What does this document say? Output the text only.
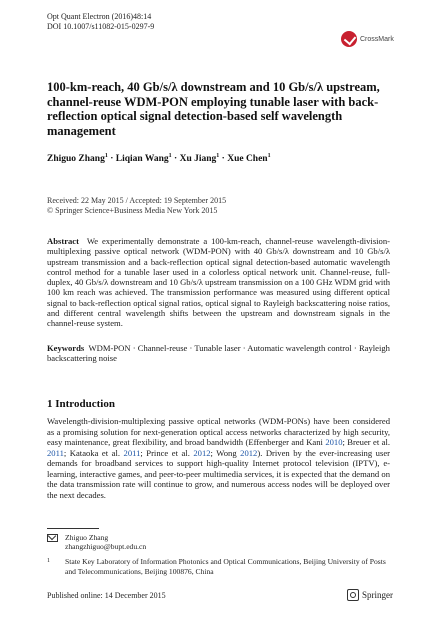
Opt Quant Electron (2016)48:14
DOI 10.1007/s11082-015-0297-9
CrossMark
100-km-reach, 40 Gb/s/λ downstream and 10 Gb/s/λ upstream, channel-reuse WDM-PON employing tunable laser with back-reflection optical signal detection-based self wavelength management
Zhiguo Zhang$^1$ · Liqian Wang$^1$ · Xu Jiang$^1$ · Xue Chen$^1$
Received: 22 May 2015 / Accepted: 19 September 2015
© Springer Science+Business Media New York 2015
Abstract We experimentally demonstrate a 100-km-reach, channel-reuse wavelength-division-multiplexing passive optical network (WDM-PON) with 40 Gb/s/λ downstream and 10 Gb/s/λ upstream transmission and a back-reflection optical signal detection-based automatic wavelength control method for a tunable laser used in a colorless optical network unit. Channel-reuse, full-duplex, 40 Gb/s/λ downstream and 10 Gb/s/λ upstream transmission on a 100 GHz WDM grid with 100 km reach was achieved. The transmission performance was measured using different optical signal to back-reflection optical signal ratios, optical signal to Rayleigh backscattering noise ratios, and different central wavelength shifts between the upstream and downstream signals in the channel-reuse system.
Keywords WDM-PON · Channel-reuse · Tunable laser · Automatic wavelength control · Rayleigh backscattering noise
1 Introduction
Wavelength-division-multiplexing passive optical networks (WDM-PONs) have been considered as a promising solution for next-generation optical access networks characterized by high security, easy maintenance, great flexibility, and broad bandwidth (Effenberger and Kani 2010; Breuer et al. 2011; Kataoka et al. 2011; Prince et al. 2012; Wong 2012). Driven by the ever-increasing user demands for broadband services to support high-quality Internet protocol television (IPTV), e-learning, interactive games, and peer-to-peer multimedia services, it is expected that the demand on the data transmission rate will continue to grow, and numerous access nodes will be deployed over the next decades.
Zhiguo Zhang
zhangzhiguo@bupt.edu.cn
1	State Key Laboratory of Information Photonics and Optical Communications, Beijing University of Posts and Telecommunications, Beijing 100876, China
Published online: 14 December 2015	Springer
